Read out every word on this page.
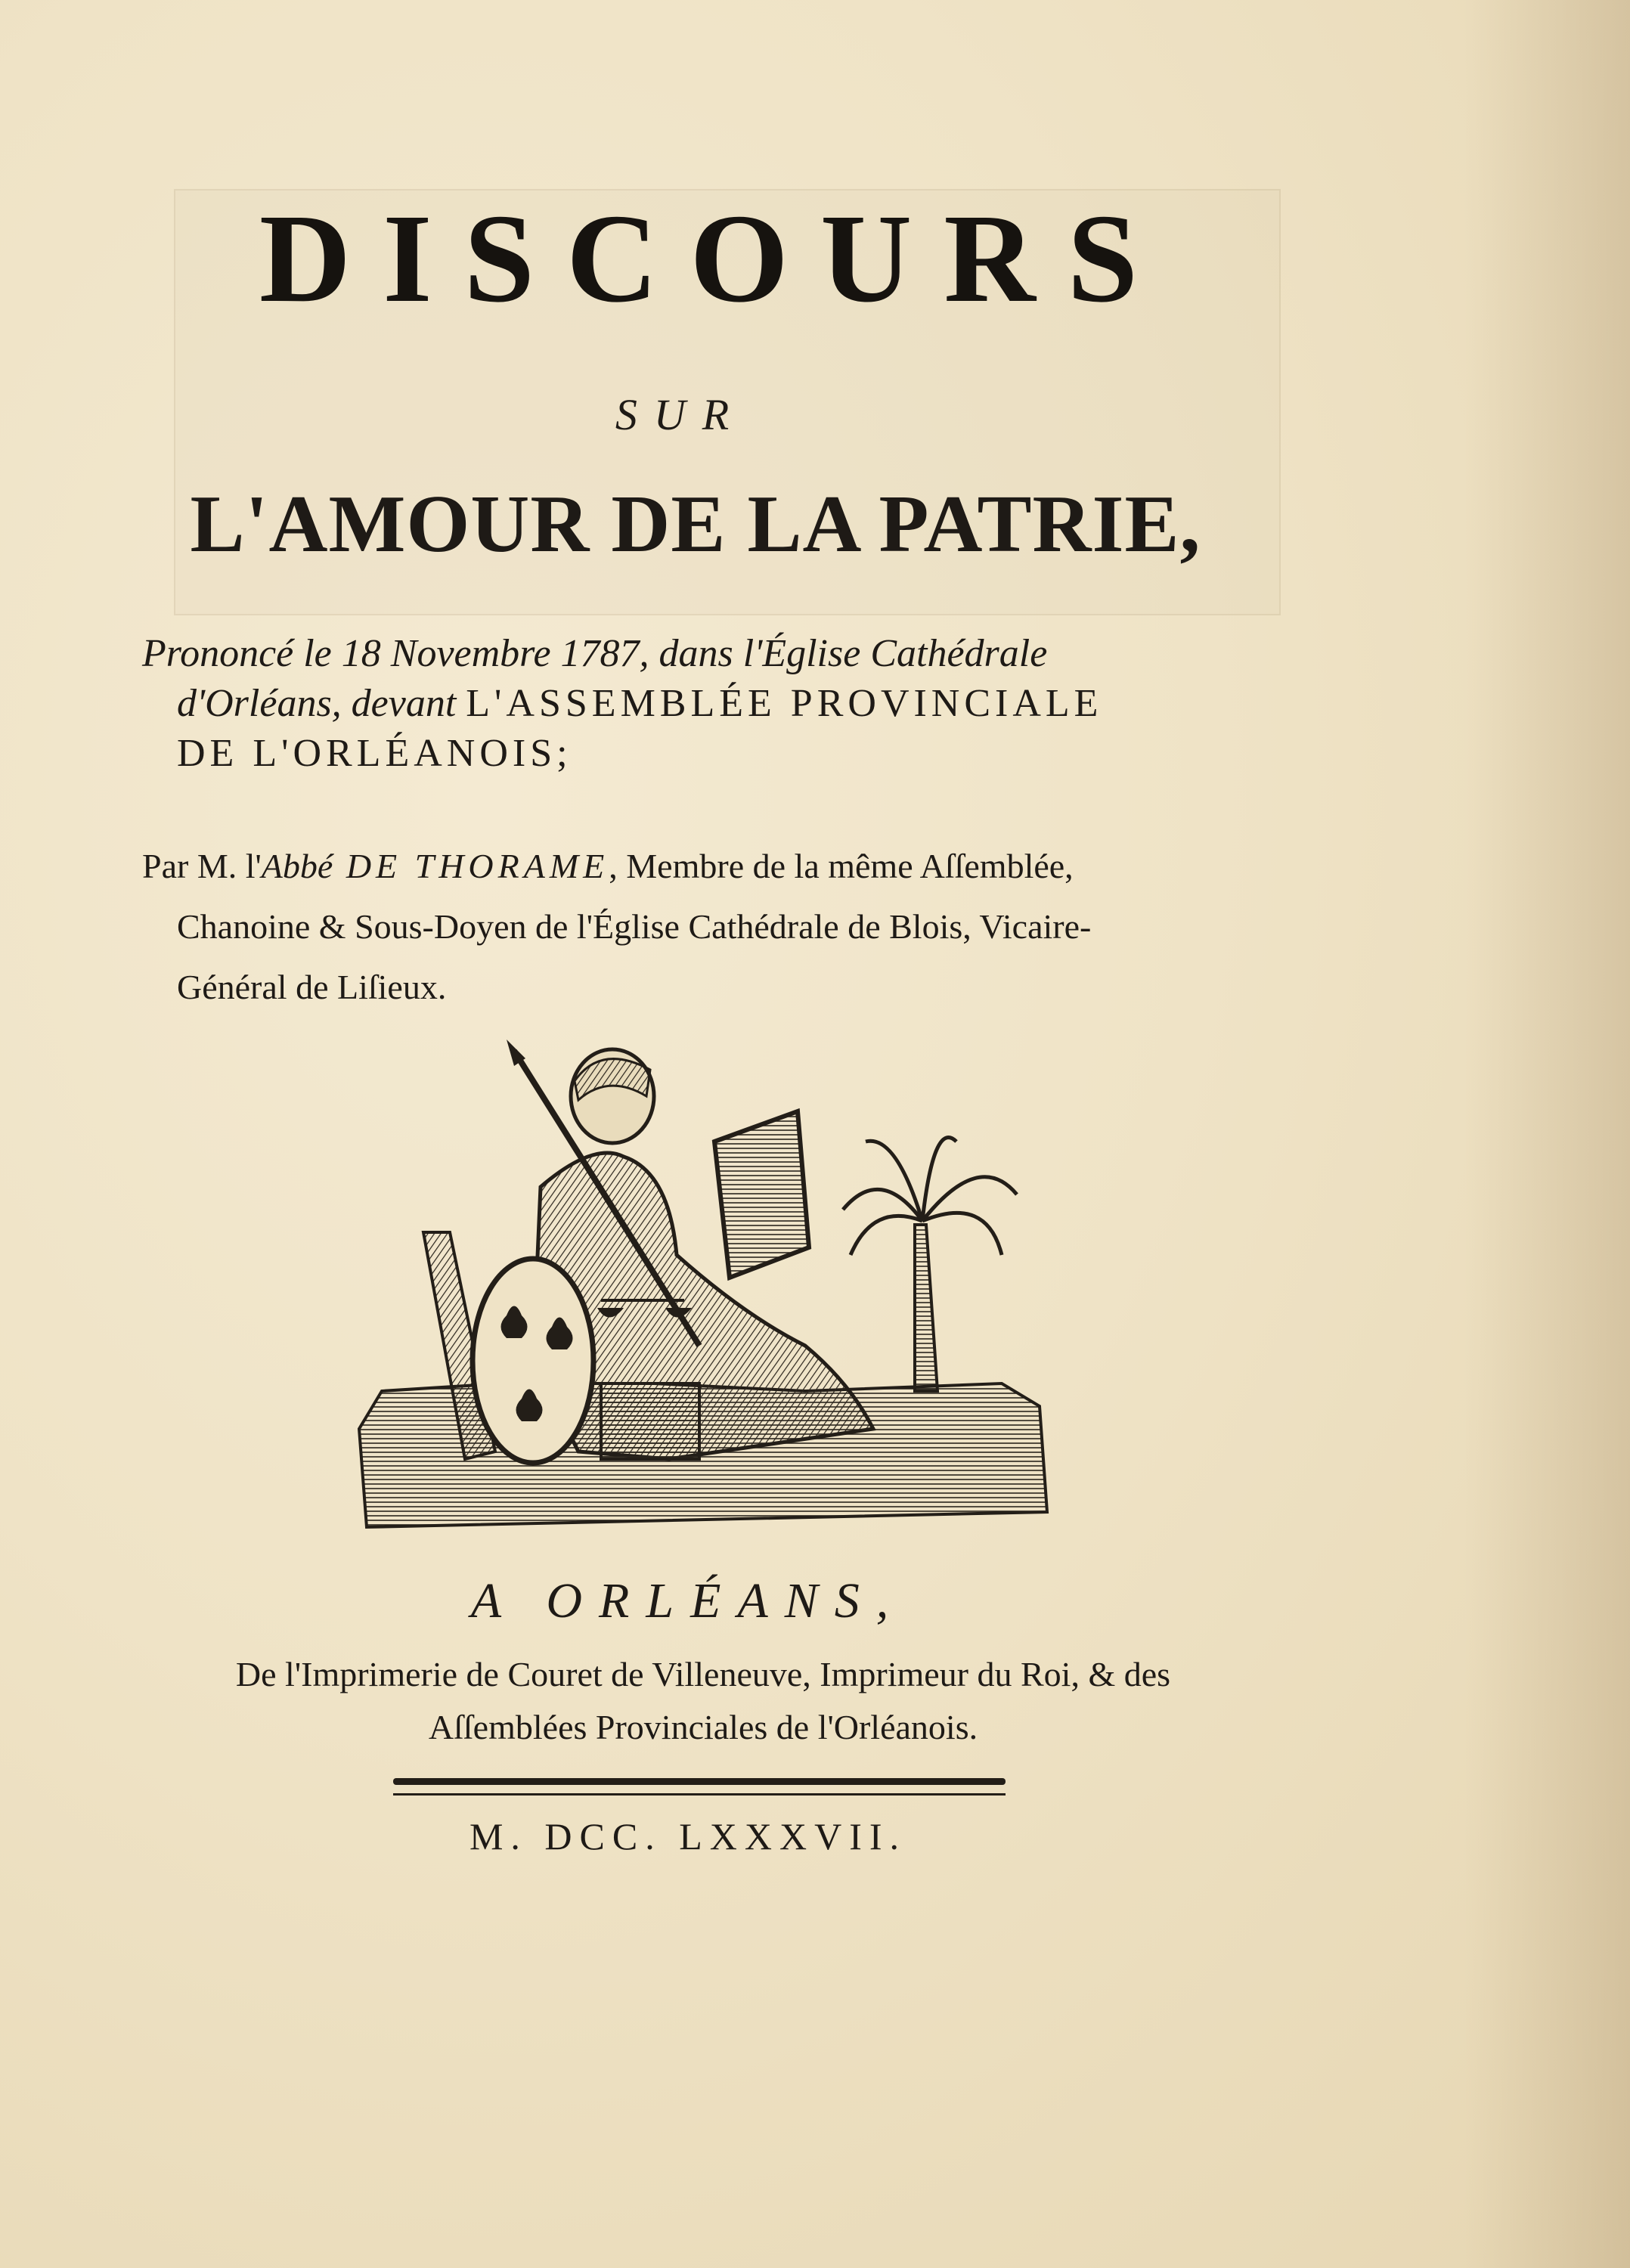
DISCOURS
SUR
L'AMOUR DE LA PATRIE,
Prononcé le 18 Novembre 1787, dans l'Église Cathédrale
d'Orléans, devant L'ASSEMBLÉE PROVINCIALE
DE L'ORLÉANOIS;
Par M. l'Abbé DE THORAME, Membre de la même Aſſemblée,
Chanoine & Sous-Doyen de l'Église Cathédrale de Blois, Vicaire-
Général de Liſieux.
A ORLÉANS,
De l'Imprimerie de Couret de Villeneuve, Imprimeur du Roi, & des
Aſſemblées Provinciales de l'Orléanois.
M. DCC. LXXXVII.
